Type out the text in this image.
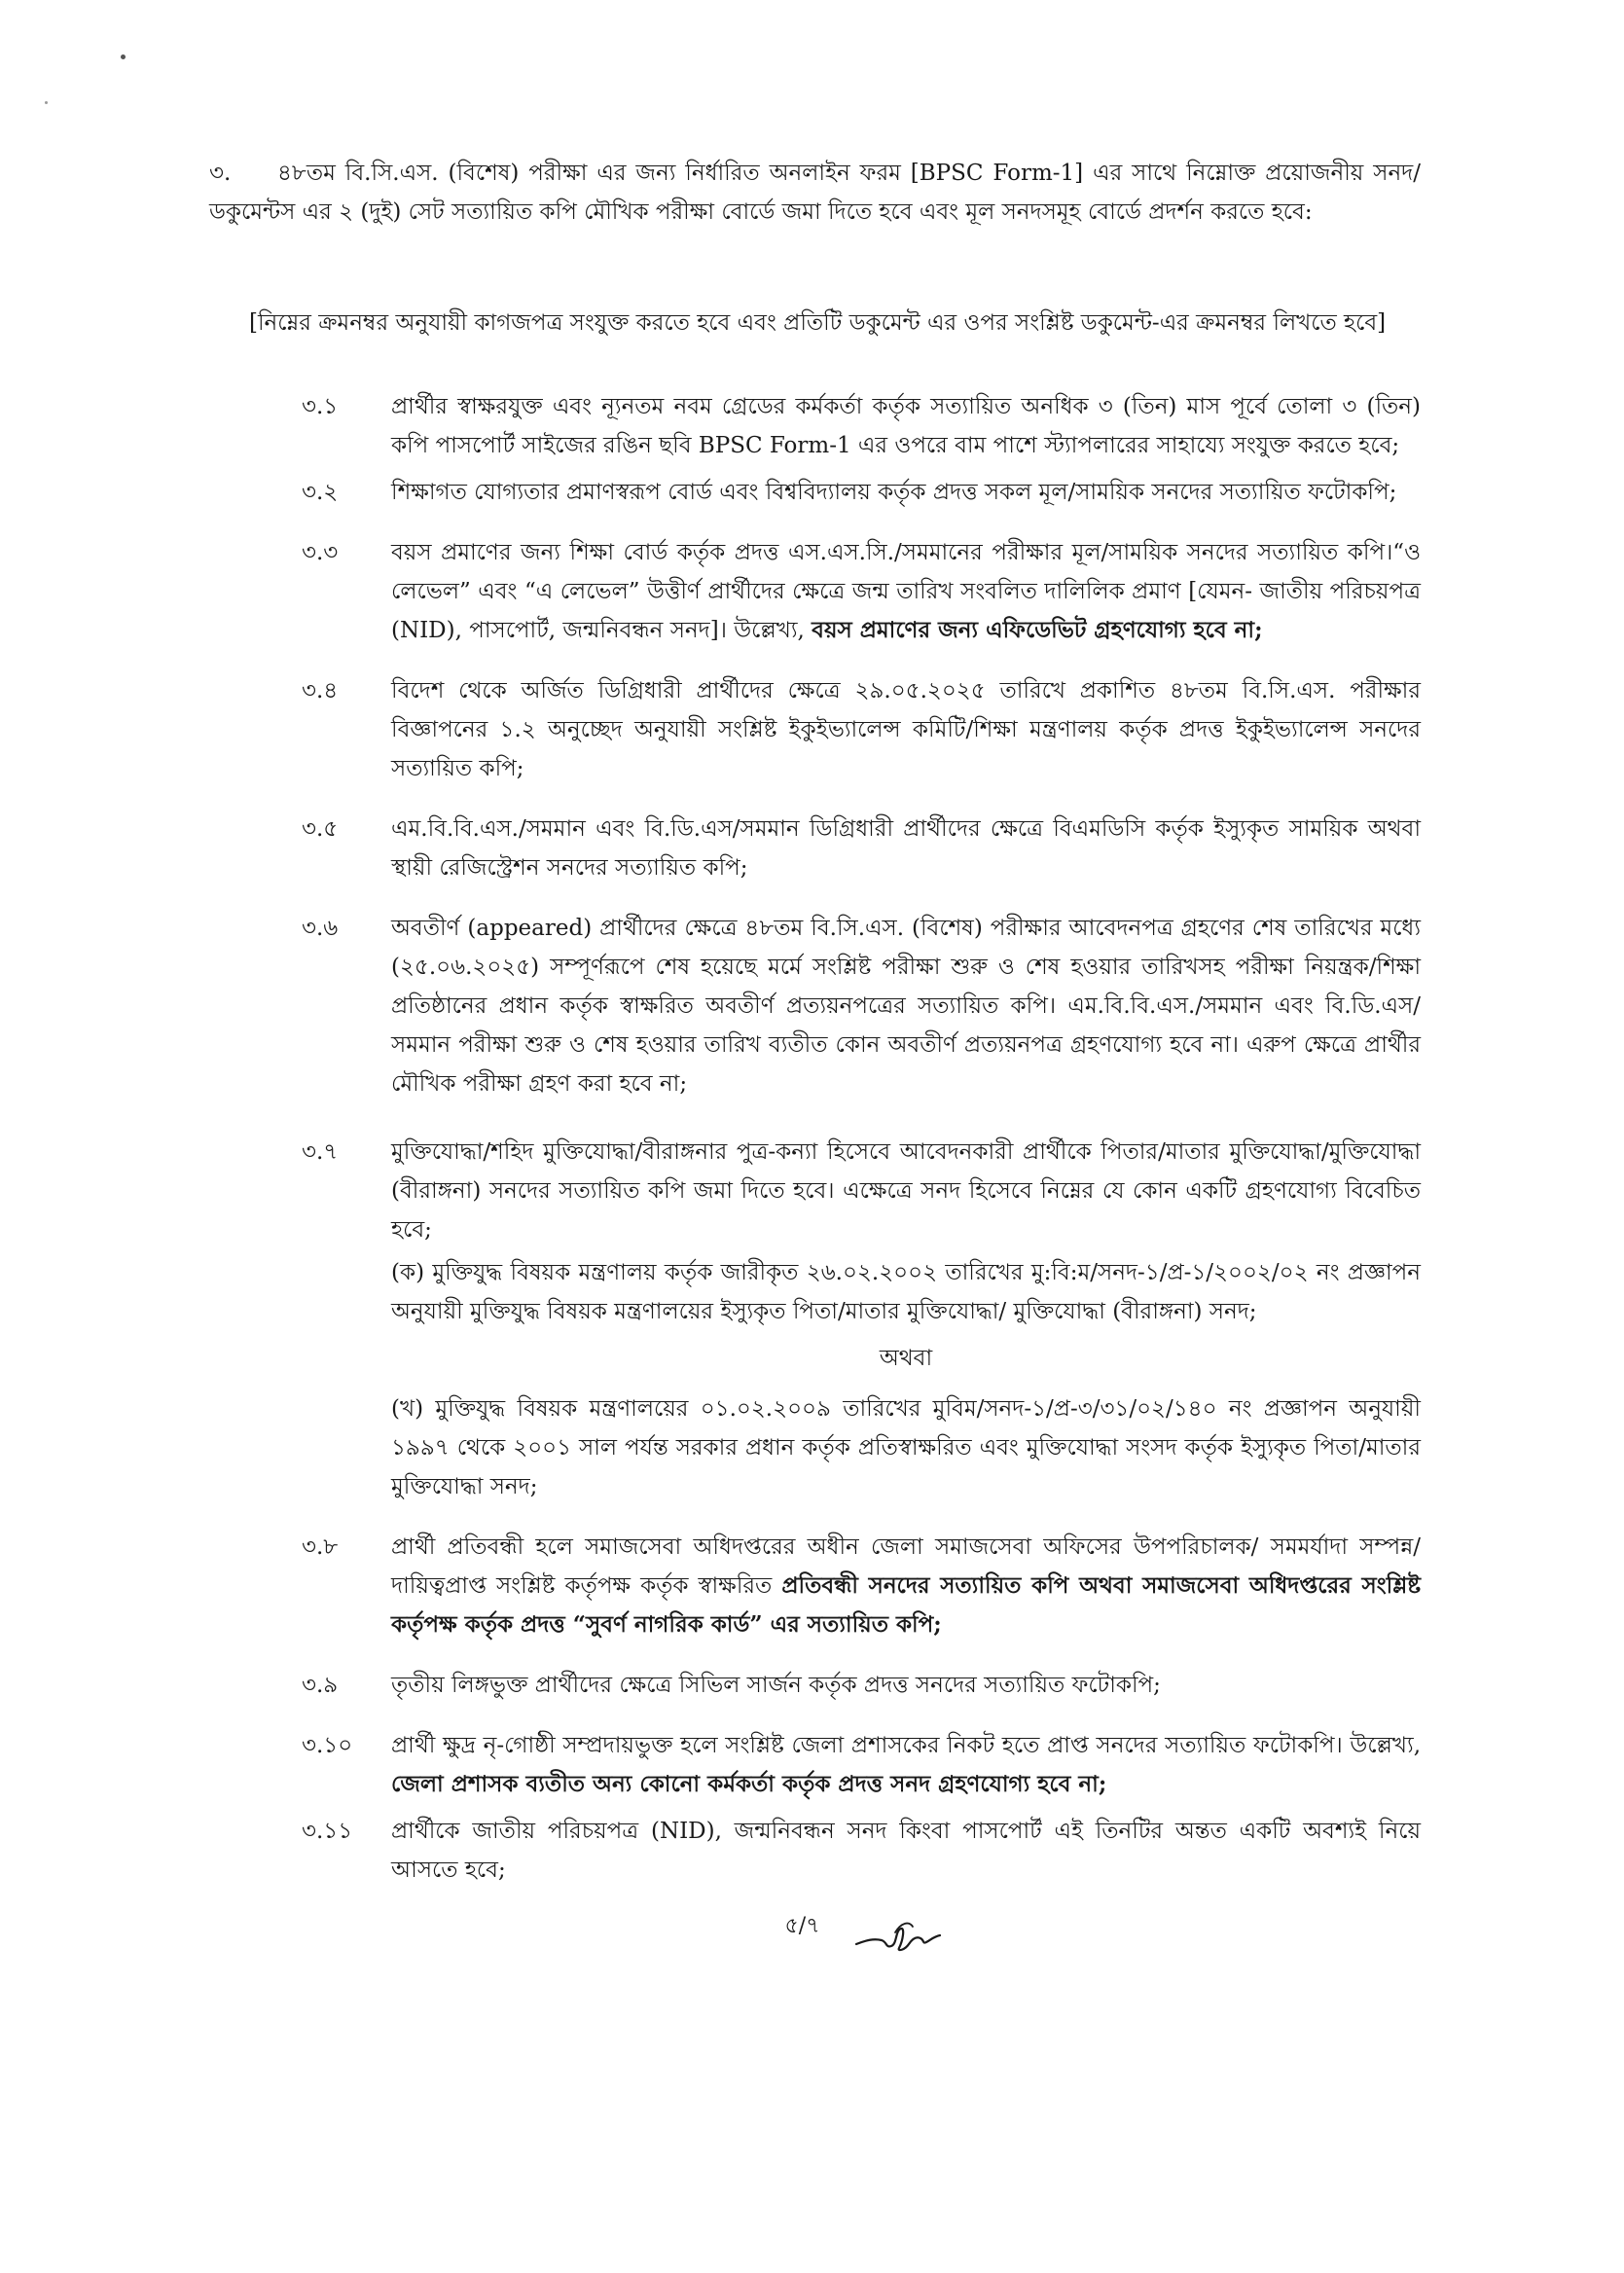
৩. ৪৮তম বি.সি.এস. (বিশেষ) পরীক্ষা এর জন্য নির্ধারিত অনলাইন ফরম [BPSC Form-1] এর সাথে নিম্নোক্ত প্রয়োজনীয় সনদ/ডকুমেন্টস এর ২ (দুই) সেট সত্যায়িত কপি মৌখিক পরীক্ষা বোর্ডে জমা দিতে হবে এবং মূল সনদসমূহ বোর্ডে প্রদর্শন করতে হবে:
[নিম্নের ক্রমনম্বর অনুযায়ী কাগজপত্র সংযুক্ত করতে হবে এবং প্রতিটি ডকুমেন্ট এর ওপর সংশ্লিষ্ট ডকুমেন্ট-এর ক্রমনম্বর লিখতে হবে]
৩.১	প্রার্থীর স্বাক্ষরযুক্ত এবং ন্যূনতম নবম গ্রেডের কর্মকর্তা কর্তৃক সত্যায়িত অনধিক ৩ (তিন) মাস পূর্বে তোলা ৩ (তিন) কপি পাসপোর্ট সাইজের রঙিন ছবি BPSC Form-1 এর ওপরে বাম পাশে স্ট্যাপলারের সাহায্যে সংযুক্ত করতে হবে;
৩.২	শিক্ষাগত যোগ্যতার প্রমাণস্বরূপ বোর্ড এবং বিশ্ববিদ্যালয় কর্তৃক প্রদত্ত সকল মূল/সাময়িক সনদের সত্যায়িত ফটোকপি;
৩.৩	বয়স প্রমাণের জন্য শিক্ষা বোর্ড কর্তৃক প্রদত্ত এস.এস.সি./সমমানের পরীক্ষার মূল/সাময়িক সনদের সত্যায়িত কপি।“ও লেভেল” এবং “এ লেভেল” উত্তীর্ণ প্রার্থীদের ক্ষেত্রে জন্ম তারিখ সংবলিত দালিলিক প্রমাণ [যেমন- জাতীয় পরিচয়পত্র (NID), পাসপোর্ট, জন্মনিবন্ধন সনদ]। উল্লেখ্য, বয়স প্রমাণের জন্য এফিডেভিট গ্রহণযোগ্য হবে না;
৩.৪	বিদেশ থেকে অর্জিত ডিগ্রিধারী প্রার্থীদের ক্ষেত্রে ২৯.০৫.২০২৫ তারিখে প্রকাশিত ৪৮তম বি.সি.এস. পরীক্ষার বিজ্ঞাপনের ১.২ অনুচ্ছেদ অনুযায়ী সংশ্লিষ্ট ইকুইভ্যালেন্স কমিটি/শিক্ষা মন্ত্রণালয় কর্তৃক প্রদত্ত ইকুইভ্যালেন্স সনদের সত্যায়িত কপি;
৩.৫	এম.বি.বি.এস./সমমান এবং বি.ডি.এস/সমমান ডিগ্রিধারী প্রার্থীদের ক্ষেত্রে বিএমডিসি কর্তৃক ইস্যুকৃত সাময়িক অথবা স্থায়ী রেজিস্ট্রেশন সনদের সত্যায়িত কপি;
৩.৬	অবতীর্ণ (appeared) প্রার্থীদের ক্ষেত্রে ৪৮তম বি.সি.এস. (বিশেষ) পরীক্ষার আবেদনপত্র গ্রহণের শেষ তারিখের মধ্যে (২৫.০৬.২০২৫) সম্পূর্ণরূপে শেষ হয়েছে মর্মে সংশ্লিষ্ট পরীক্ষা শুরু ও শেষ হওয়ার তারিখসহ পরীক্ষা নিয়ন্ত্রক/শিক্ষা প্রতিষ্ঠানের প্রধান কর্তৃক স্বাক্ষরিত অবতীর্ণ প্রত্যয়নপত্রের সত্যায়িত কপি। এম.বি.বি.এস./সমমান এবং বি.ডি.এস/সমমান পরীক্ষা শুরু ও শেষ হওয়ার তারিখ ব্যতীত কোন অবতীর্ণ প্রত্যয়নপত্র গ্রহণযোগ্য হবে না। এরুপ ক্ষেত্রে প্রার্থীর মৌখিক পরীক্ষা গ্রহণ করা হবে না;
৩.৭	মুক্তিযোদ্ধা/শহিদ মুক্তিযোদ্ধা/বীরাঙ্গনার পুত্র-কন্যা হিসেবে আবেদনকারী প্রার্থীকে পিতার/মাতার মুক্তিযোদ্ধা/মুক্তিযোদ্ধা (বীরাঙ্গনা) সনদের সত্যায়িত কপি জমা দিতে হবে। এক্ষেত্রে সনদ হিসেবে নিম্নের যে কোন একটি গ্রহণযোগ্য বিবেচিত হবে;
(ক) মুক্তিযুদ্ধ বিষয়ক মন্ত্রণালয় কর্তৃক জারীকৃত ২৬.০২.২০০২ তারিখের মু:বি:ম/সনদ-১/প্র-১/২০০২/০২ নং প্রজ্ঞাপন অনুযায়ী মুক্তিযুদ্ধ বিষয়ক মন্ত্রণালয়ের ইস্যুকৃত পিতা/মাতার মুক্তিযোদ্ধা/ মুক্তিযোদ্ধা (বীরাঙ্গনা) সনদ;
অথবা
(খ) মুক্তিযুদ্ধ বিষয়ক মন্ত্রণালয়ের ০১.০২.২০০৯ তারিখের মুবিম/সনদ-১/প্র-৩/৩১/০২/১৪০ নং প্রজ্ঞাপন অনুযায়ী ১৯৯৭ থেকে ২০০১ সাল পর্যন্ত সরকার প্রধান কর্তৃক প্রতিস্বাক্ষরিত এবং মুক্তিযোদ্ধা সংসদ কর্তৃক ইস্যুকৃত পিতা/মাতার মুক্তিযোদ্ধা সনদ;
৩.৮	প্রার্থী প্রতিবন্ধী হলে সমাজসেবা অধিদপ্তরের অধীন জেলা সমাজসেবা অফিসের উপপরিচালক/ সমমর্যাদা সম্পন্ন/দায়িত্বপ্রাপ্ত সংশ্লিষ্ট কর্তৃপক্ষ কর্তৃক স্বাক্ষরিত প্রতিবন্ধী সনদের সত্যায়িত কপি অথবা সমাজসেবা অধিদপ্তরের সংশ্লিষ্ট কর্তৃপক্ষ কর্তৃক প্রদত্ত “সুবর্ণ নাগরিক কার্ড” এর সত্যায়িত কপি;
৩.৯	তৃতীয় লিঙ্গভুক্ত প্রার্থীদের ক্ষেত্রে সিভিল সার্জন কর্তৃক প্রদত্ত সনদের সত্যায়িত ফটোকপি;
৩.১০	প্রার্থী ক্ষুদ্র নৃ-গোষ্ঠী সম্প্রদায়ভুক্ত হলে সংশ্লিষ্ট জেলা প্রশাসকের নিকট হতে প্রাপ্ত সনদের সত্যায়িত ফটোকপি। উল্লেখ্য, জেলা প্রশাসক ব্যতীত অন্য কোনো কর্মকর্তা কর্তৃক প্রদত্ত সনদ গ্রহণযোগ্য হবে না;
৩.১১	প্রার্থীকে জাতীয় পরিচয়পত্র (NID), জন্মনিবন্ধন সনদ কিংবা পাসপোর্ট এই তিনটির অন্তত একটি অবশ্যই নিয়ে আসতে হবে;
৫/৭
